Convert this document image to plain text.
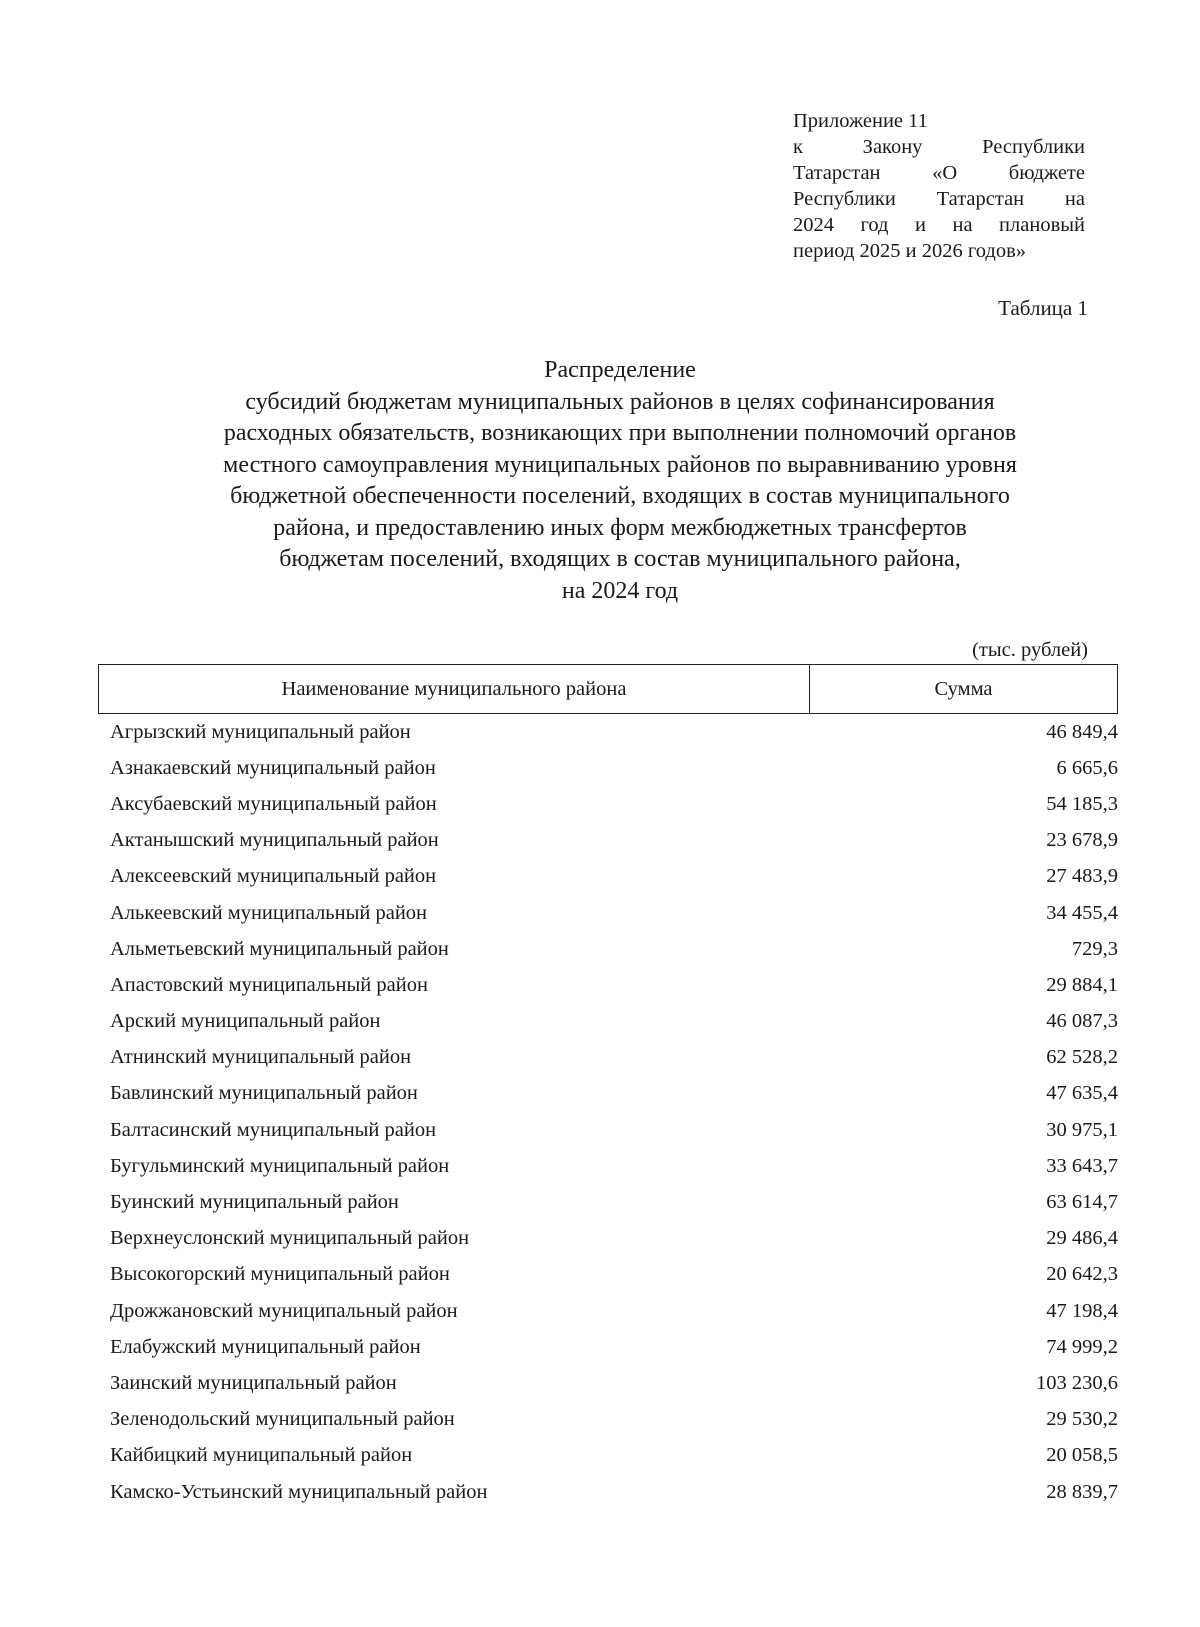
Приложение 11
к Закону Республики
Татарстан «О бюджете
Республики Татарстан на
2024 год и на плановый
период 2025 и 2026 годов»
Таблица 1
Распределение
субсидий бюджетам муниципальных районов в целях софинансирования
расходных обязательств, возникающих при выполнении полномочий органов
местного самоуправления муниципальных районов по выравниванию уровня
бюджетной обеспеченности поселений, входящих в состав муниципального
района, и предоставлению иных форм межбюджетных трансфертов
бюджетам поселений, входящих в состав муниципального района,
на 2024 год
(тыс. рублей)
Наименование муниципального района	Сумма
Агрызский муниципальный район	46 849,4
Азнакаевский муниципальный район	6 665,6
Аксубаевский муниципальный район	54 185,3
Актанышский муниципальный район	23 678,9
Алексеевский муниципальный район	27 483,9
Алькеевский муниципальный район	34 455,4
Альметьевский муниципальный район	729,3
Апастовский муниципальный район	29 884,1
Арский муниципальный район	46 087,3
Атнинский муниципальный район	62 528,2
Бавлинский муниципальный район	47 635,4
Балтасинский муниципальный район	30 975,1
Бугульминский муниципальный район	33 643,7
Буинский муниципальный район	63 614,7
Верхнеуслонский муниципальный район	29 486,4
Высокогорский муниципальный район	20 642,3
Дрожжановский муниципальный район	47 198,4
Елабужский муниципальный район	74 999,2
Заинский муниципальный район	103 230,6
Зеленодольский муниципальный район	29 530,2
Кайбицкий муниципальный район	20 058,5
Камско-Устьинский муниципальный район	28 839,7
